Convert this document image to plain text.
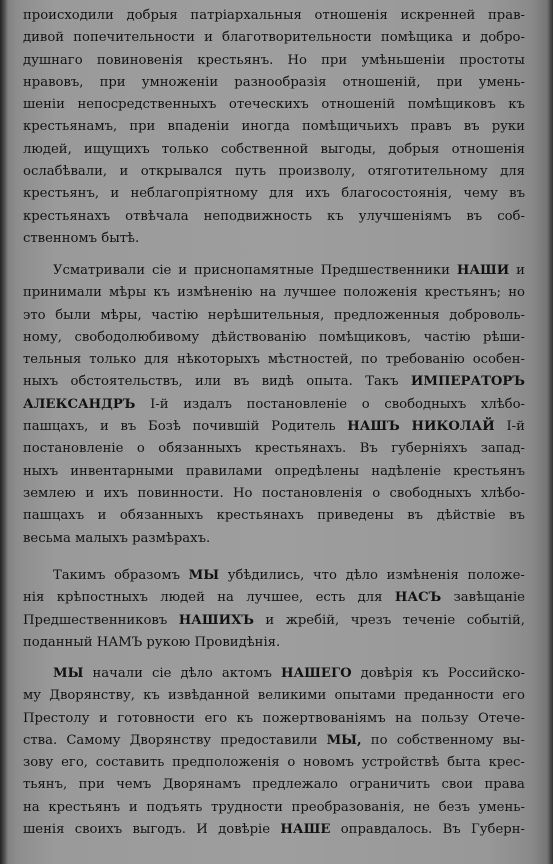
происходили добрыя патріархальныя отношенія искренней прав-
дивой попечительности и благотворительности помѣщика и добро-
душнаго повиновенія крестьянъ. Но при умѣньшеніи простоты
нравовъ, при умноженіи разнообразія отношеній, при умень-
шеніи непосредственныхъ отеческихъ отношеній помѣщиковъ къ
крестьянамъ, при впаденіи иногда помѣщичьихъ правъ въ руки
людей, ищущихъ только собственной выгоды, добрыя отношенія
ослабѣвали, и открывался путь произволу, отяготительному для
крестьянъ, и неблагопріятному для ихъ благосостоянія, чему въ
крестьянахъ отвѣчала неподвижность къ улучшеніямъ въ соб-
ственномъ бытѣ.
Усматривали сіе и приснопамятные Предшественники НАШИ и
принимали мѣры къ измѣненію на лучшее положенія крестьянъ; но
это были мѣры, частію нерѣшительныя, предложенныя доброволь-
ному, свободолюбивому дѣйствованію помѣщиковъ, частію рѣши-
тельныя только для нѣкоторыхъ мѣстностей, по требованію особен-
ныхъ обстоятельствъ, или въ видѣ опыта. Такъ ИМПЕРАТОРЪ
АЛЕКСАНДРЪ I-й издалъ постановленіе о свободныхъ хлѣбо-
пашцахъ, и въ Бозѣ почившій Родитель НАШЪ НИКОЛАЙ I-й
постановленіе о обязанныхъ крестьянахъ. Въ губерніяхъ запад-
ныхъ инвентарными правилами опредѣлены надѣленіе крестьянъ
землею и ихъ повинности. Но постановленія о свободныхъ хлѣбо-
пашцахъ и обязанныхъ крестьянахъ приведены въ дѣйствіе въ
весьма малыхъ размѣрахъ.
Такимъ образомъ МЫ убѣдились, что дѣло измѣненія положе-
нія крѣпостныхъ людей на лучшее, есть для НАСЪ завѣщаніе
Предшественниковъ НАШИХЪ и жребій, чрезъ теченіе событій,
поданный НАМЪ рукою Провидѣнія.
МЫ начали сіе дѣло актомъ НАШЕГО довѣрія къ Российско-
му Дворянству, къ извѣданной великими опытами преданности его
Престолу и готовности его къ пожертвованіямъ на пользу Отече-
ства. Самому Дворянству предоставили МЫ, по собственному вы-
зову его, составить предположенія о новомъ устройствѣ быта крес-
тьянъ, при чемъ Дворянамъ предлежало ограничить свои права
на крестьянъ и подъять трудности преобразованія, не безъ умень-
шенія своихъ выгодъ. И довѣріе НАШЕ оправдалось. Въ Губерн-
